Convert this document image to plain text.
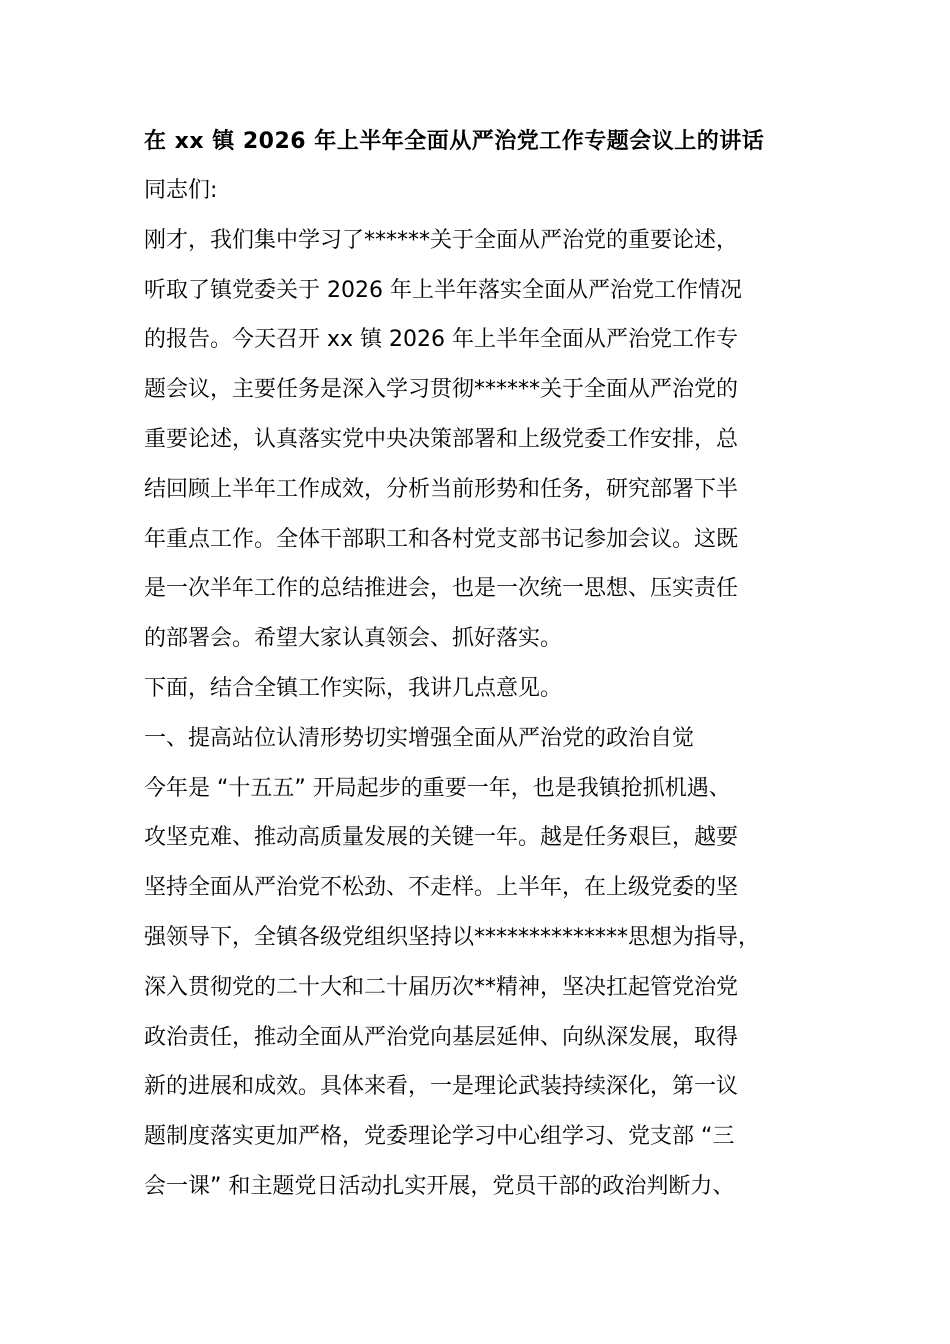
在 xx 镇 2026 年上半年全面从严治党工作专题会议上的讲话
同志们:
刚才，我们集中学习了******关于全面从严治党的重要论述，
听取了镇党委关于 2026 年上半年落实全面从严治党工作情况
的报告。今天召开 xx 镇 2026 年上半年全面从严治党工作专
题会议，主要任务是深入学习贯彻******关于全面从严治党的
重要论述，认真落实党中央决策部署和上级党委工作安排，总
结回顾上半年工作成效，分析当前形势和任务，研究部署下半
年重点工作。全体干部职工和各村党支部书记参加会议。这既
是一次半年工作的总结推进会，也是一次统一思想、压实责任
的部署会。希望大家认真领会、抓好落实。
下面，结合全镇工作实际，我讲几点意见。
一、提高站位认清形势切实增强全面从严治党的政治自觉
今年是 “十五五” 开局起步的重要一年，也是我镇抢抓机遇、
攻坚克难、推动高质量发展的关键一年。越是任务艰巨，越要
坚持全面从严治党不松劲、不走样。上半年，在上级党委的坚
强领导下，全镇各级党组织坚持以**************思想为指导，
深入贯彻党的二十大和二十届历次**精神，坚决扛起管党治党
政治责任，推动全面从严治党向基层延伸、向纵深发展，取得
新的进展和成效。具体来看，一是理论武装持续深化，第一议
题制度落实更加严格，党委理论学习中心组学习、党支部 “三
会一课” 和主题党日活动扎实开展，党员干部的政治判断力、
